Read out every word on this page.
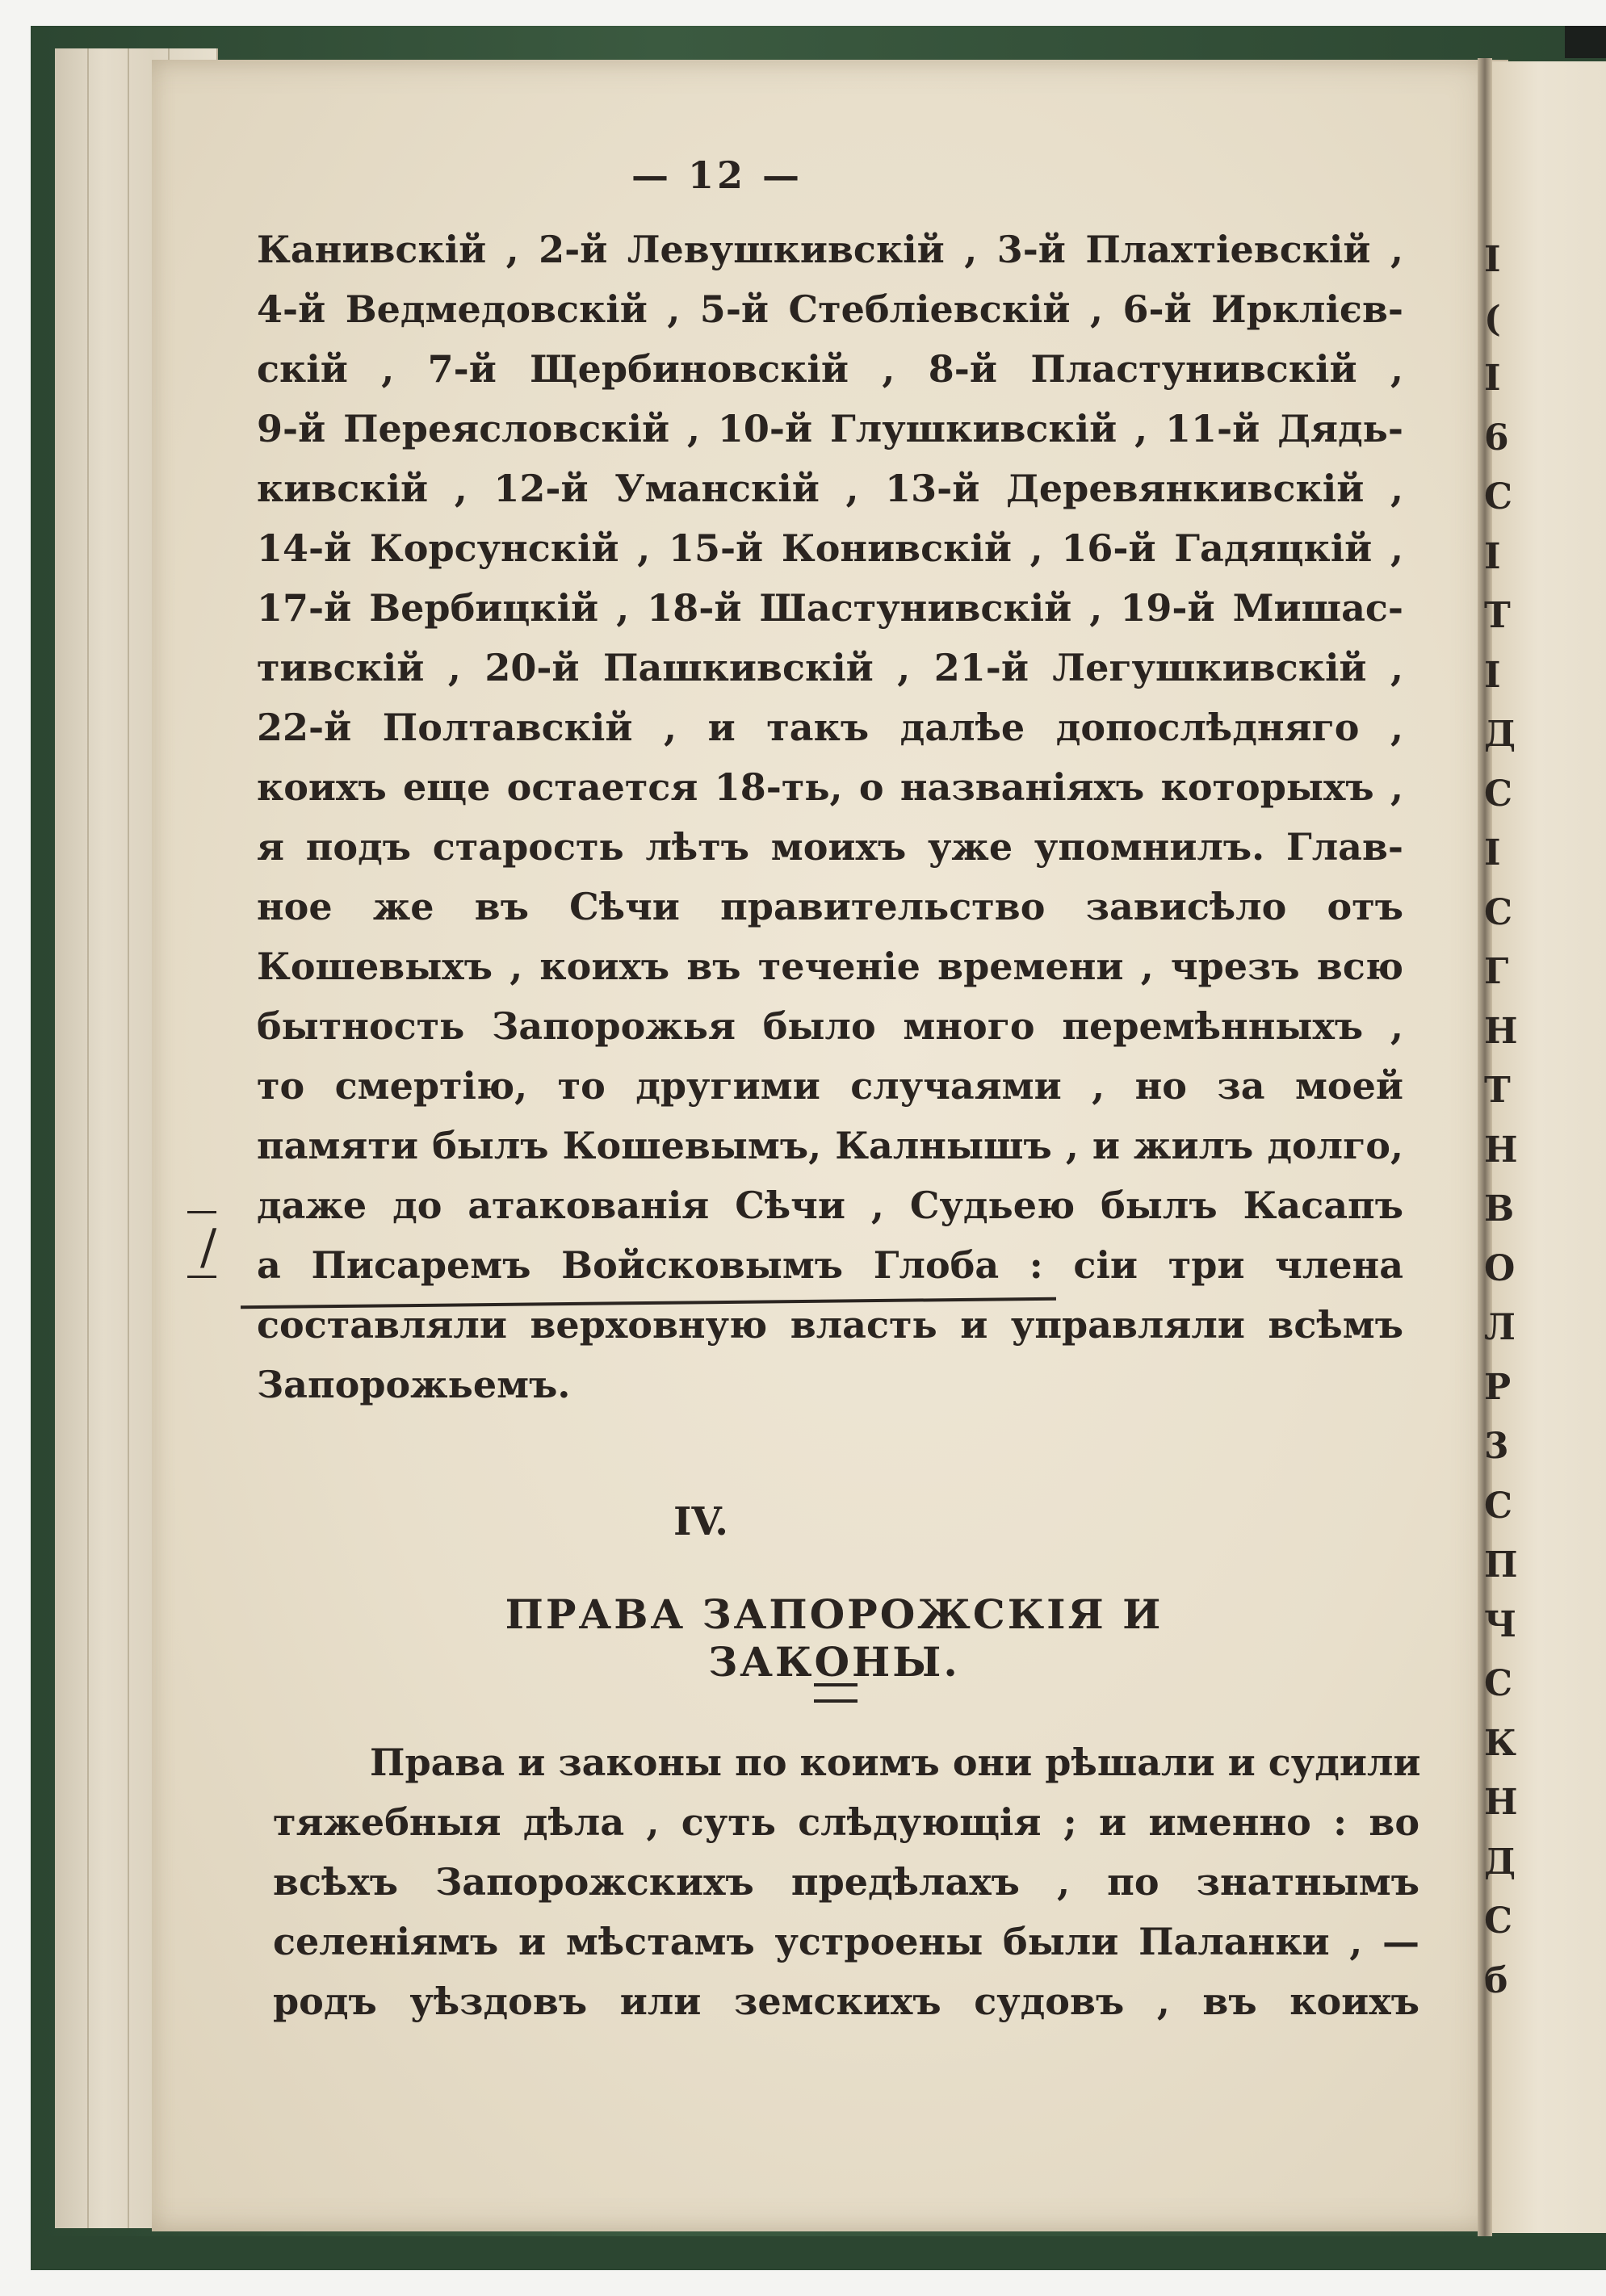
I
(
I
6
C
I
T
I
Д
C
I
C
Г
H
T
H
B
O
Л
P
3
C
П
Ч
С
К
Н
Д
С
б
— 12 —
Канивскій , 2-й Левушкивскій , 3-й Плахтіевскій ,
4-й Ведмедовскій , 5-й Стебліевскій , 6-й Ирклієв-
скій , 7-й Щербиновскій , 8-й Пластунивскій ,
9-й Переясловскій , 10-й Глушкивскій , 11-й Дядь-
кивскій , 12-й Уманскій , 13-й Деревянкивскій ,
14-й Корсунскій , 15-й Конивскій , 16-й Гадяцкій ,
17-й Вербицкій , 18-й Шастунивскій , 19-й Мишас-
тивскій , 20-й Пашкивскій , 21-й Легушкивскій ,
22-й Полтавскій , и такъ далѣе допослѣдняго ,
коихъ еще остается 18-ть, о названіяхъ которыхъ ,
я подъ старость лѣтъ моихъ уже упомнилъ. Глав-
ное же въ Сѣчи правительство зависѣло отъ
Кошевыхъ , коихъ въ теченіе времени , чрезъ всю
бытность Запорожья было много перемѣнныхъ ,
то смертію, то другими случаями , но за моей
памяти былъ Кошевымъ, Калнышъ , и жилъ долго,
даже до атакованія Сѣчи , Судьею былъ Касапъ
а Писаремъ Войсковымъ Глоба : сіи три члена
составляли верховную власть и управляли всѣмъ
Запорожьемъ.
IV.
ПРАВА ЗАПОРОЖСКІЯ И ЗАКОНЫ.
Права и законы по коимъ они рѣшали и судили
тяжебныя дѣла , суть слѣдующія ; и именно : во
всѣхъ Запорожскихъ предѣлахъ , по знатнымъ
селеніямъ и мѣстамъ устроены были Паланки , —
родъ уѣздовъ или земскихъ судовъ , въ коихъ
/
